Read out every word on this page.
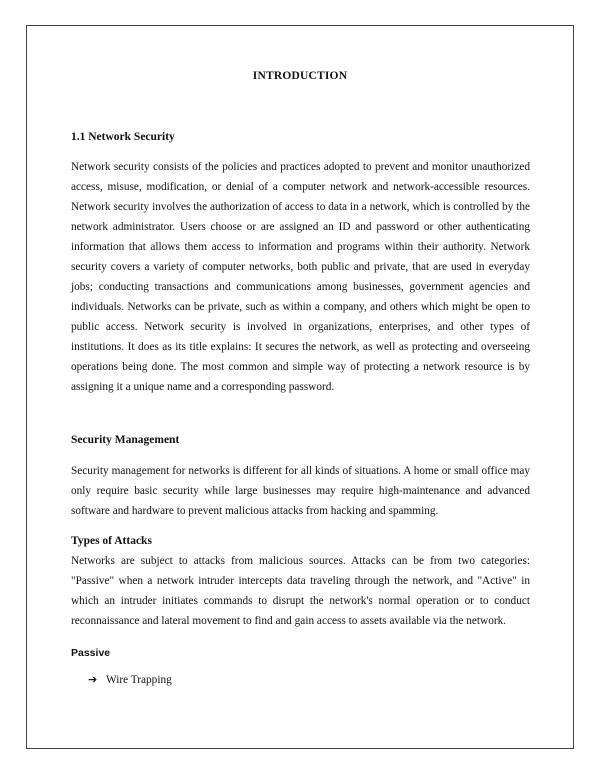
INTRODUCTION
1.1 Network Security
Network security consists of the policies and practices adopted to prevent and monitor unauthorized access, misuse, modification, or denial of a computer network and network-accessible resources. Network security involves the authorization of access to data in a network, which is controlled by the network administrator. Users choose or are assigned an ID and password or other authenticating information that allows them access to information and programs within their authority. Network security covers a variety of computer networks, both public and private, that are used in everyday jobs; conducting transactions and communications among businesses, government agencies and individuals. Networks can be private, such as within a company, and others which might be open to public access. Network security is involved in organizations, enterprises, and other types of institutions. It does as its title explains: It secures the network, as well as protecting and overseeing operations being done. The most common and simple way of protecting a network resource is by assigning it a unique name and a corresponding password.
Security Management
Security management for networks is different for all kinds of situations. A home or small office may only require basic security while large businesses may require high-maintenance and advanced software and hardware to prevent malicious attacks from hacking and spamming.
Types of Attacks
Networks are subject to attacks from malicious sources. Attacks can be from two categories: "Passive" when a network intruder intercepts data traveling through the network, and "Active" in which an intruder initiates commands to disrupt the network's normal operation or to conduct reconnaissance and lateral movement to find and gain access to assets available via the network.
Passive
➔ Wire Trapping
